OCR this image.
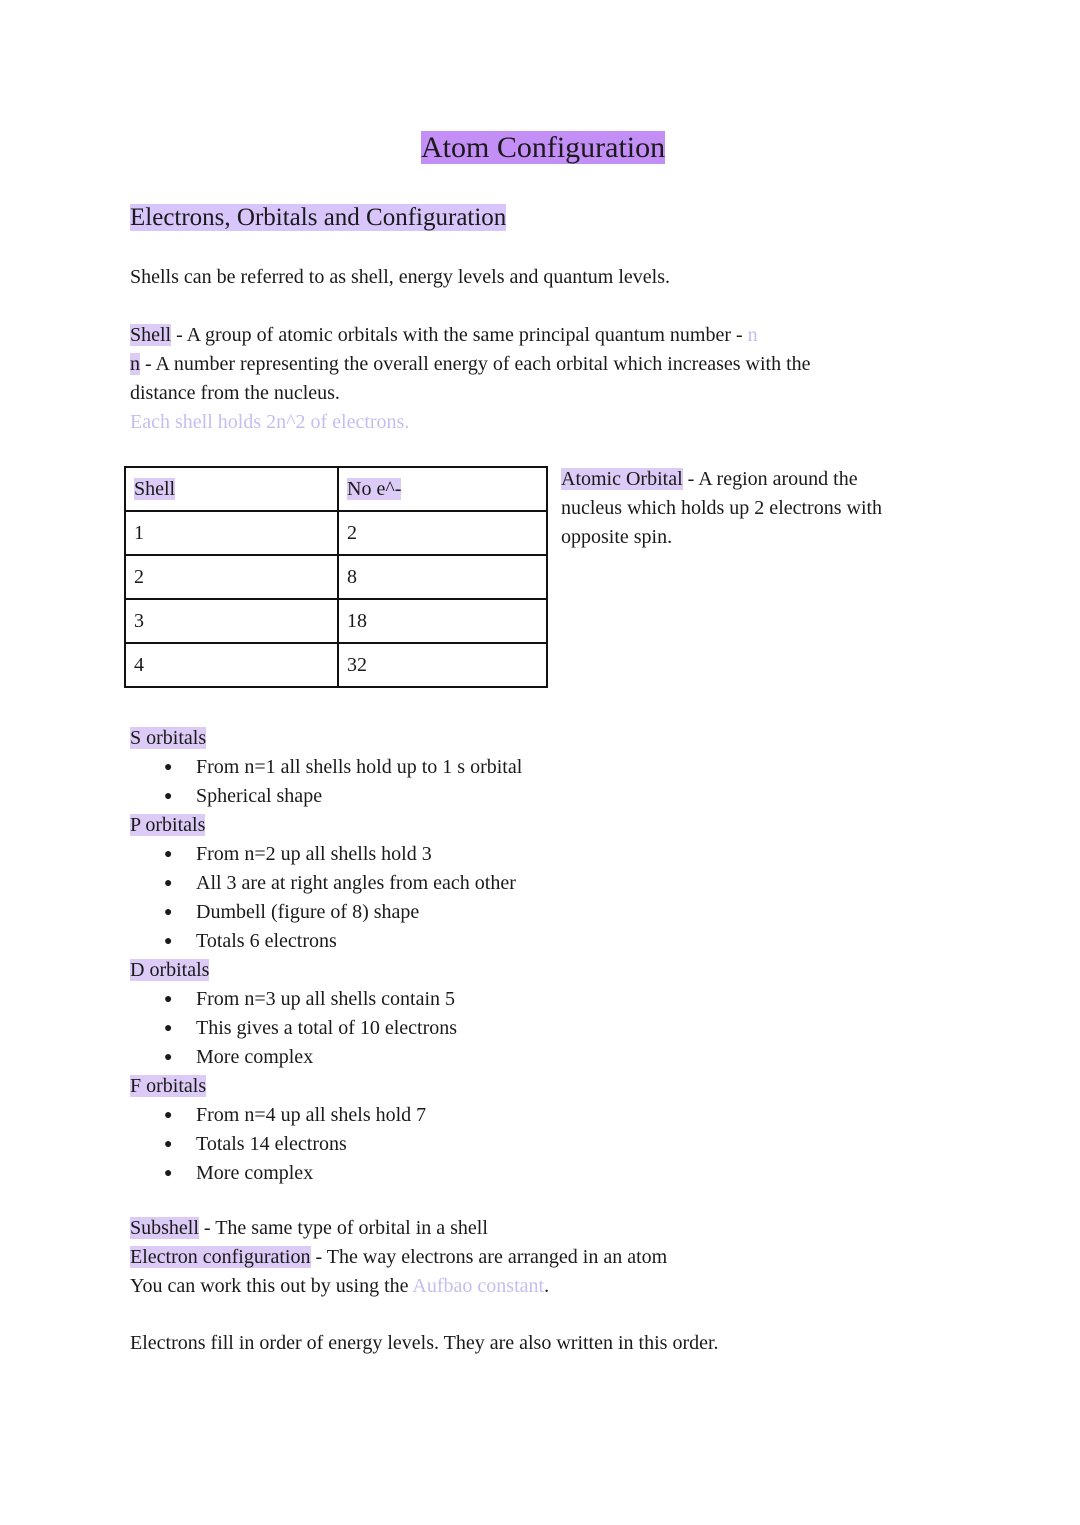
Atom Configuration
Electrons, Orbitals and Configuration
Shells can be referred to as shell, energy levels and quantum levels.
Shell - A group of atomic orbitals with the same principal quantum number - n
n - A number representing the overall energy of each orbital which increases with the
distance from the nucleus.
Each shell holds 2n^2 of electrons.
Shell	No e^-
1	2
2	8
3	18
4	32
Atomic Orbital - A region around the
nucleus which holds up 2 electrons with
opposite spin.
S orbitals
● From n=1 all shells hold up to 1 s orbital
● Spherical shape
P orbitals
● From n=2 up all shells hold 3
● All 3 are at right angles from each other
● Dumbell (figure of 8) shape
● Totals 6 electrons
D orbitals
● From n=3 up all shells contain 5
● This gives a total of 10 electrons
● More complex
F orbitals
● From n=4 up all shels hold 7
● Totals 14 electrons
● More complex
Subshell - The same type of orbital in a shell
Electron configuration - The way electrons are arranged in an atom
You can work this out by using the Aufbao constant.
Electrons fill in order of energy levels. They are also written in this order.
